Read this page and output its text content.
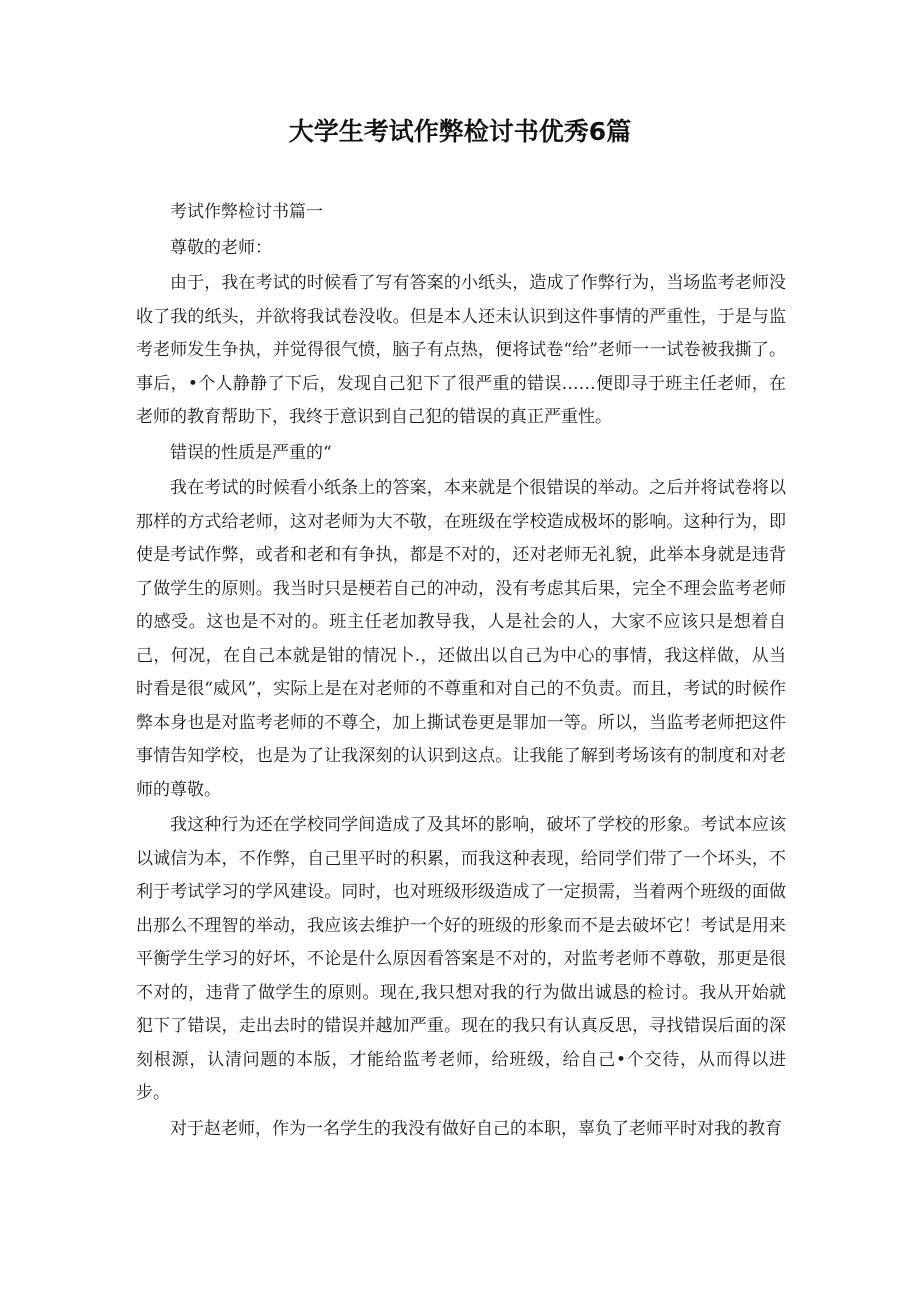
大学生考试作弊检讨书优秀6篇

考试作弊检讨书篇一

尊敬的老师：

由于，我在考试的时候看了写有答案的小纸头，造成了作弊行为，当场监考老师没收了我的纸头，并欲将我试卷没收。但是本人还未认识到这件事情的严重性，于是与监考老师发生争执，并觉得很气愤，脑子有点热，便将试卷“给”老师一一试卷被我撕了。事后，•个人静静了下后，发现自己犯下了很严重的错误……便即寻于班主任老师，在老师的教育帮助下，我终于意识到自己犯的错误的真正严重性。

错误的性质是严重的“

我在考试的时候看小纸条上的答案，本来就是个很错误的举动。之后并将试卷将以那样的方式给老师，这对老师为大不敬，在班级在学校造成极坏的影响。这种行为，即使是考试作弊，或者和老和有争执，都是不对的，还对老师无礼貌，此举本身就是违背了做学生的原则。我当时只是梗若自己的冲动，没有考虑其后果，完全不理会监考老师的感受。这也是不对的。班主任老加教导我，人是社会的人，大家不应该只是想着自己，何况，在自己本就是钳的情况卜.，还做出以自己为中心的事情，我这样做，从当时看是很“威风”，实际上是在对老师的不尊重和对自己的不负责。而且，考试的时候作弊本身也是对监考老师的不尊仝，加上撕试卷更是罪加一等。所以，当监考老师把这件事情告知学校，也是为了让我深刻的认识到这点。让我能了解到考场该有的制度和对老师的尊敬。

我这种行为还在学校同学间造成了及其坏的影响，破坏了学校的形象。考试本应该以诚信为本，不作弊，自己里平时的积累，而我这种表现，给同学们带了一个坏头，不利于考试学习的学风建设。同时，也对班级形级造成了一定损需，当着两个班级的面做出那么不理智的举动，我应该去维护一个好的班级的形象而不是去破坏它！考试是用来平衡学生学习的好坏，不论是什么原因看答案是不对的，对监考老师不尊敬，那更是很不对的，违背了做学生的原则。现在,我只想对我的行为做出诚恳的检讨。我从开始就犯下了错误，走出去时的错误并越加严重。现在的我只有认真反思，寻找错误后面的深刻根源，认清问题的本版，才能给监考老师，给班级，给自己•个交待，从而得以进步。

对于赵老师，作为一名学生的我没有做好自己的本职，辜负了老师平时对我的教育
